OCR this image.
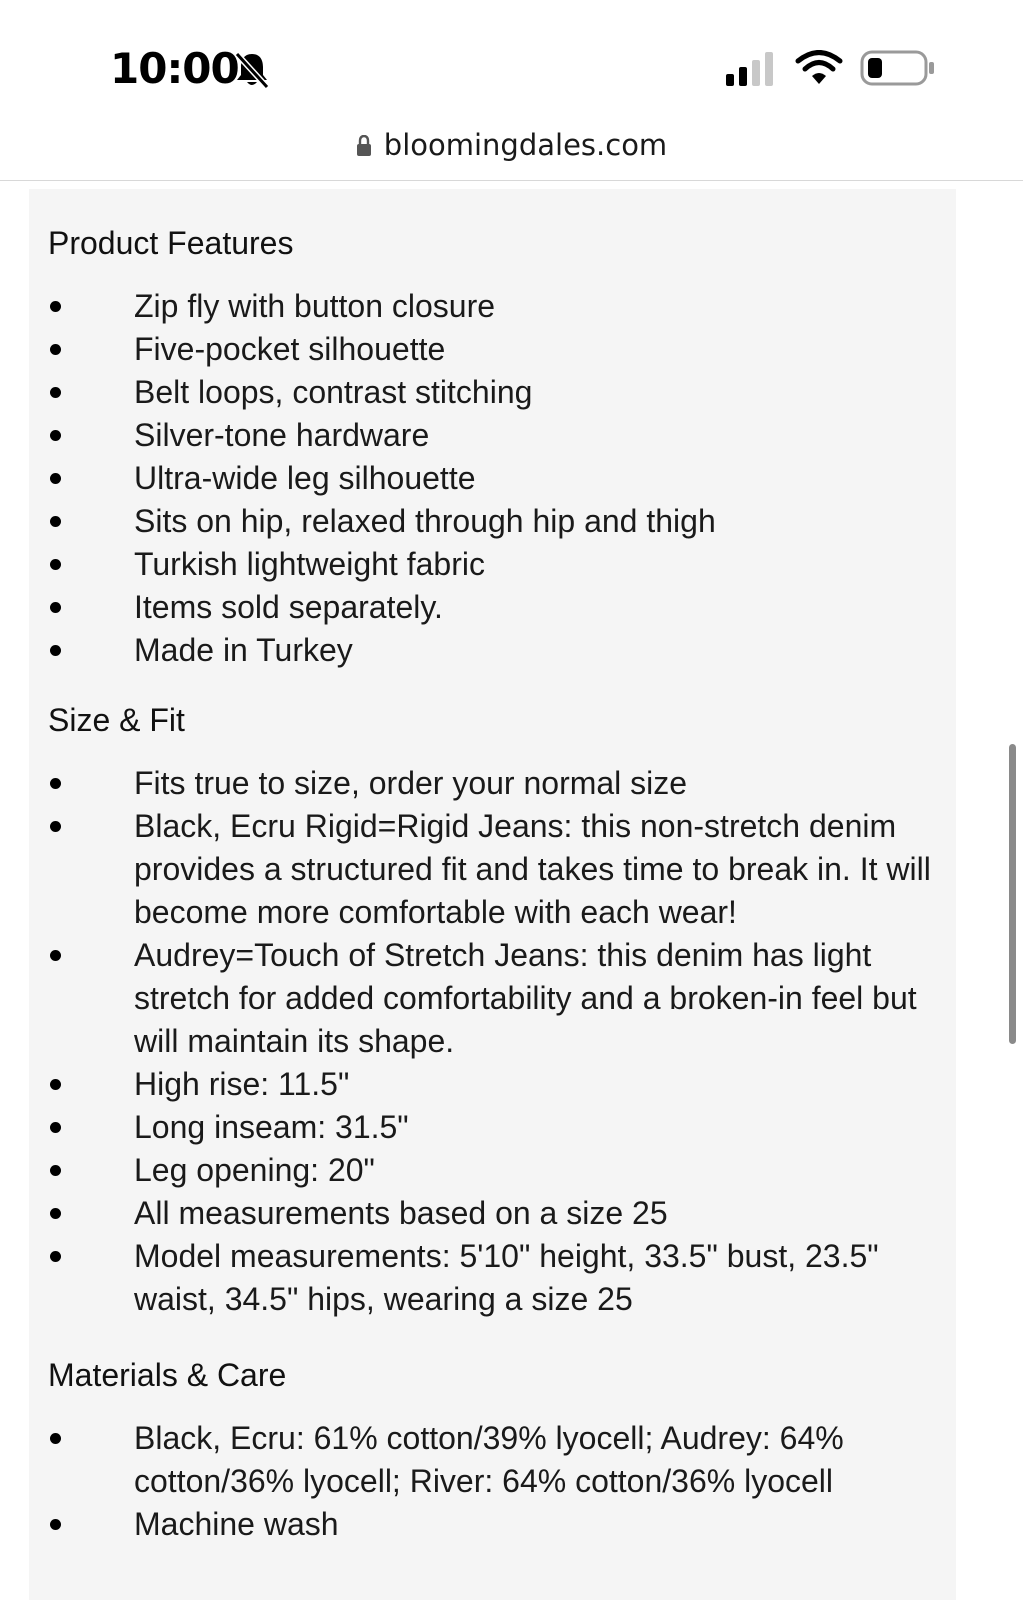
10:00
bloomingdales.com
Product Features
Zip fly with button closure
Five-pocket silhouette
Belt loops, contrast stitching
Silver-tone hardware
Ultra-wide leg silhouette
Sits on hip, relaxed through hip and thigh
Turkish lightweight fabric
Items sold separately.
Made in Turkey
Size & Fit
Fits true to size, order your normal size
Black, Ecru Rigid=Rigid Jeans: this non-stretch denim provides a structured fit and takes time to break in. It will become more comfortable with each wear!
Audrey=Touch of Stretch Jeans: this denim has light stretch for added comfortability and a broken-in feel but will maintain its shape.
High rise: 11.5"
Long inseam: 31.5"
Leg opening: 20"
All measurements based on a size 25
Model measurements: 5'10" height, 33.5" bust, 23.5" waist, 34.5" hips, wearing a size 25
Materials & Care
Black, Ecru: 61% cotton/39% lyocell; Audrey: 64% cotton/36% lyocell; River: 64% cotton/36% lyocell
Machine wash
